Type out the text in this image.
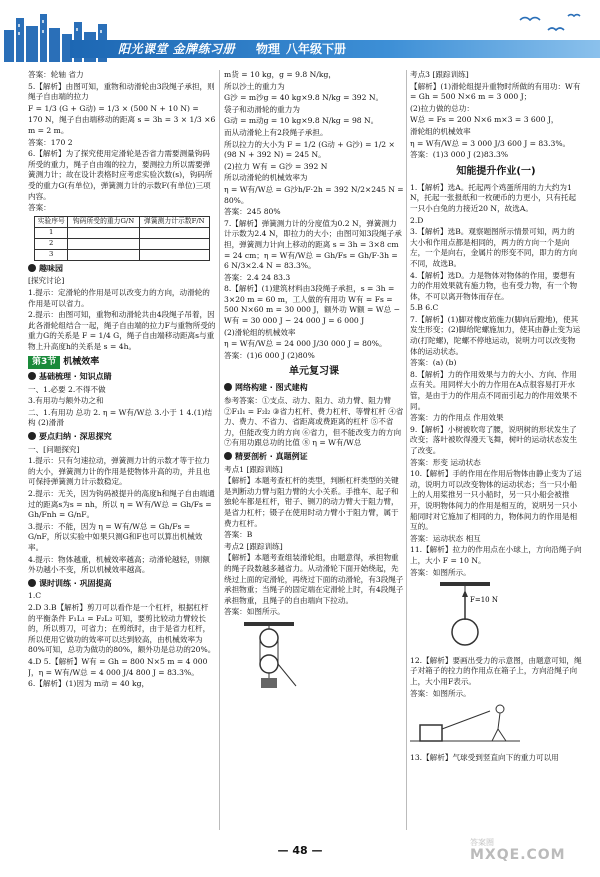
阳光课堂 金牌练习册 物理 八年级下册

答案：轮轴 省力

5.【解析】由图可知，重物和动滑轮由3段绳子承担，则绳子自由端的拉力

F = 1/3 (G + G动) = 1/3 × (500 N + 10 N) =

170 N，绳子自由端移动的距离 s = 3h = 3 × 1/3 ×6 m = 2 m。

答案：170 2

6.【解析】为了探究使用定滑轮是否省力需要测量钩码所受的重力，绳子自由端的拉力，要测拉力所以需要弹簧测力计；故在设计表格时应考虑实验次数(s)，钩码所受的重力G(有单位)，弹簧测力计的示数F(有单位)三项内容。

答案：

实验序号	钩码所受的重力G/N	弹簧测力计示数F/N
1		
2		
3		
趣味园

[探究讨论]

1.提示：定滑轮的作用是可以改变力的方向，动滑轮的作用是可以省力。

2.提示：由图可知，重物和动滑轮共由4段绳子吊着，因此各滑轮组结合一起，绳子自由端的拉力F与重物所受的重力G的关系是 F = 1/4 G，绳子自由端移动距离s与重物上升高度h的关系是 s = 4h。

第3节 机械效率
基础梳理 · 知识点睛

一、1.必要 2.不得不做

3.有用功与额外功之和

二、1.有用功 总功 2. η = W有/W总 3.小于 1 4.(1)结构 (2)滑滑

要点归纳 · 深思探究

一、[问题探究]

1.提示：只有匀速拉动，弹簧测力计的示数才等于拉力的大小，弹簧测力计的作用是使物体升高的功，并且也可保持弹簧测力计示数稳定。

2.提示：无关，因为钩码被提升的高度h和绳子自由端通过的距离s为s = nh，所以 η = W有/W总 = Gh/Fs = Gh/Fnh = G/nF。

3.提示：不能，因为 η = W有/W总 = Gh/Fs = G/nF，所以实验中如果只测G和F也可以算出机械效率。

4.提示：物体越重，机械效率越高；动滑轮越轻，则额外功越小不变，所以机械效率越高。

课时训练 · 巩固提高

1.C

2.D 3.B【解析】剪刀可以看作是一个杠杆，根据杠杆的平衡条件 F₁L₁ = F₂L₂ 可知，要剪比较动力臂较长的，所以剪刀，可省力；在剪纸时，由于是省力杠杆，所以使用它做功的效率可以达到较高，由机械效率为80%可知，总功为做功的80%，额外功是总功的20%。

4.D 5.【解析】W有 = Gh = 800 N×5 m = 4 000 J，η = W有/W总 = 4 000 J/4 800 J = 83.3%。

6.【解析】(1)因为 m动 = 40 kg，

m货 = 10 kg，g = 9.8 N/kg，

所以沙土的重力为

G沙 = m沙g = 40 kg×9.8 N/kg = 392 N。

袋子和动滑轮的重力为

G动 = m动g = 10 kg×9.8 N/kg = 98 N。

而从动滑轮上有2段绳子承担。

所以拉力的大小为 F = 1/2 (G动 + G沙) = 1/2 × (98 N + 392 N) = 245 N。

(2)拉力 W有 = G沙 = 392 N

所以动滑轮的机械效率为

η = W有/W总 = G沙h/F·2h = 392 N/2×245 N = 80%。

答案：245 80%

7.【解析】弹簧测力计的分度值为0.2 N，弹簧测力计示数为2.4 N，即拉力的大小；由图可知3段绳子承担，弹簧测力计向上移动的距离 s = 3h = 3×8 cm = 24 cm；η = W有/W总 = Gh/Fs = Gh/F·3h = 6 N/3×2.4 N = 83.3%。

答案：2.4 24 83.3

8.【解析】(1)建筑材料由3段绳子承担，s = 3h = 3×20 m = 60 m，工人做的有用功 W有 = Fs = 500 N×60 m = 30 000 J，额外功 W额 = W总 − W有 = 30 000 J − 24 000 J = 6 000 J

(2)滑轮组的机械效率

η = W有/W总 = 24 000 J/30 000 J = 80%。

答案：(1)6 000 J (2)80%

单元复习课
网络构建 · 图式建构

参考答案：①支点、动力、阻力、动力臂、阻力臂 ②F₁l₁ = F₂l₂ ③省力杠杆、费力杠杆、等臂杠杆 ④省力、费力、不省力、省距离或费距离的杠杆 ⑤不省力，但能改变力的方向 ⑥省力，但不能改变力的方向 ⑦有用功跟总功的比值 ⑧ η = W有/W总

精要剖析 · 真题例证

考点1 [跟踪训练]

【解析】本题考查杠杆的类型，判断杠杆类型的关键是判断动力臂与阻力臂的大小关系。手推车、起子和独轮车都是杠杆，钳子、铡刀的动力臂大于阻力臂，是省力杠杆；镊子在使用时动力臂小于阻力臂，属于费力杠杆。

答案：B

考点2 [跟踪训练]

【解析】本题考查组装滑轮组，由题意得，承担物重的绳子段数越多越省力。从动滑轮下面开始绕起，先绕过上面的定滑轮，再绕过下面的动滑轮，有3段绳子承担物重；当绳子的固定端在定滑轮上时，有4段绳子承担物重，且绳子的自由端向下拉动。

答案：如图所示。

考点3 [跟踪训练]

【解析】(1)滑轮组提升重物时所做的有用功：W有 = Gh = 500 N×6 m = 3 000 J；

(2)拉力做的总功：

W总 = Fs = 200 N×6 m×3 = 3 600 J，

滑轮组的机械效率

η = W有/W总 = 3 000 J/3 600 J = 83.3%。

答案：(1)3 000 J (2)83.3%

知能提升作业(一)

1.【解析】选A。托起两个鸡蛋所用的力大约为1 N，托起一张报纸和一枚硬币的力更小，只有托起一只小白兔的力接近20 N，故选A。

2.D

3.【解析】选B。观察题图所示情景可知，两力的大小和作用点都是相同的，两力的方向一个是向左，一个是向右，金属片的形变不同，即力的方向不同，故选B。

4.【解析】选D。力是物体对物体的作用，要想有力的作用效果就有施力物，也有受力物，有一个物体，不可以离开物体而存在。

5.B 6.C

7.【解析】(1)脚对橡皮筋施力(脚向后蹬地)，使其发生形变；(2)脚给陀螺施加力，使其由静止变为运动(打陀螺)，陀螺不停地运动，说明力可以改变物体的运动状态。

答案：(a) (b)

8.【解析】力的作用效果与力的大小、方向、作用点有关。用同样大小的力作用在A点很容易打开水管，是由于力的作用点不同而引起力的作用效果不同。

答案：力的作用点 作用效果

9.【解析】小树被吹弯了腰，说明树的形状发生了改变；落叶被吹得漫天飞舞，树叶的运动状态发生了改变。

答案：形变 运动状态

10.【解析】手的作用在作用后物体由静止变为了运动，说明力可以改变物体的运动状态；当一只小船上的人用桨推另一只小船时，另一只小船会被推开，说明物体间力的作用是相互的，说明另一只小船同时对它施加了相同的力，物体间力的作用是相互的。

答案：运动状态 相互

11.【解析】拉力的作用点在小球上，方向沿绳子向上，大小 F = 10 N。

答案：如图所示。

F=10 N

12.【解析】要画出受力的示意图，由题意可知，绳子对箱子的拉力的作用点在箱子上，方向沿绳子向上，大小用F表示。

答案：如图所示。

13.【解析】气球受到竖直向下的重力可以用

— 48 —
答案圈
MXQE.COM
